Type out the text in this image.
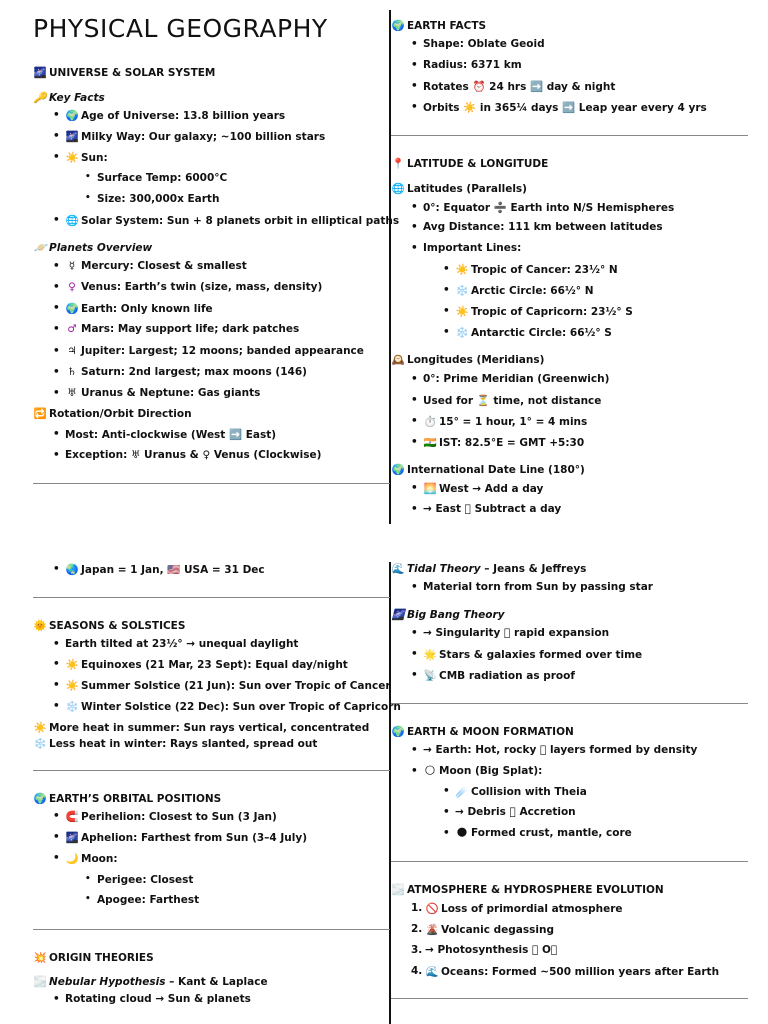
PHYSICAL GEOGRAPHY
🌌 UNIVERSE & SOLAR SYSTEM
🔑 Key Facts
• 🌍 Age of Universe: 13.8 billion years
• 🌌 Milky Way: Our galaxy; ~100 billion stars
• ☀️ Sun:
• Surface Temp: 6000°C
• Size: 300,000x Earth
• 🌐 Solar System: Sun + 8 planets orbit in elliptical paths
🪐 Planets Overview
• ☿ Mercury: Closest & smallest
• ♀ Venus: Earth’s twin (size, mass, density)
• 🌍 Earth: Only known life
• ♂ Mars: May support life; dark patches
• ♃ Jupiter: Largest; 12 moons; banded appearance
• ♄ Saturn: 2nd largest; max moons (146)
• ♅ Uranus & Neptune: Gas giants
🔁 Rotation/Orbit Direction
• Most: Anti-clockwise (West ➡️ East)
• Exception: ♅ Uranus & ♀ Venus (Clockwise)
🌍 EARTH FACTS
• Shape: Oblate Geoid
• Radius: 6371 km
• Rotates ⏰ 24 hrs ➡️ day & night
• Orbits ☀️ in 365¼ days ➡️ Leap year every 4 yrs
📍 LATITUDE & LONGITUDE
🌐 Latitudes (Parallels)
• 0°: Equator ➗ Earth into N/S Hemispheres
• Avg Distance: 111 km between latitudes
• Important Lines:
• ☀️ Tropic of Cancer: 23½° N
• ❄️ Arctic Circle: 66½° N
• ☀️ Tropic of Capricorn: 23½° S
• ❄️ Antarctic Circle: 66½° S
🕰️ Longitudes (Meridians)
• 0°: Prime Meridian (Greenwich)
• Used for ⏳ time, not distance
• ⏱️ 15° = 1 hour, 1° = 4 mins
• 🇮🇳 IST: 82.5°E = GMT +5:30
🌍 International Date Line (180°)
• 🌅 West → Add a day
• → East ⃞ Subtract a day
• 🌏 Japan = 1 Jan, 🇺🇸 USA = 31 Dec
🌞 SEASONS & SOLSTICES
• Earth tilted at 23½° → unequal daylight
• ☀️ Equinoxes (21 Mar, 23 Sept): Equal day/night
• ☀️ Summer Solstice (21 Jun): Sun over Tropic of Cancer
• ❄️ Winter Solstice (22 Dec): Sun over Tropic of Capricorn
☀️ More heat in summer: Sun rays vertical, concentrated
❄️ Less heat in winter: Rays slanted, spread out
🌍 EARTH’S ORBITAL POSITIONS
• 🧲 Perihelion: Closest to Sun (3 Jan)
• 🌌 Aphelion: Farthest from Sun (3–4 July)
• 🌙 Moon:
• Perigee: Closest
• Apogee: Farthest
💥 ORIGIN THEORIES
🌫️ Nebular Hypothesis – Kant & Laplace
• Rotating cloud → Sun & planets
🌊 Tidal Theory – Jeans & Jeffreys
• Material torn from Sun by passing star
🌌 Big Bang Theory
• → Singularity ⃞ rapid expansion
• 🌟 Stars & galaxies formed over time
• 📡 CMB radiation as proof
🌍 EARTH & MOON FORMATION
• → Earth: Hot, rocky ⃞ layers formed by density
• 🌕 Moon (Big Splat):
• ☄️ Collision with Theia
• → Debris ⃞ Accretion
• 🌑 Formed crust, mantle, core
🌫️ ATMOSPHERE & HYDROSPHERE EVOLUTION
1. 🚫 Loss of primordial atmosphere
2. 🌋 Volcanic degassing
3. → Photosynthesis ⃞ O⃞
4. 🌊 Oceans: Formed ~500 million years after Earth
